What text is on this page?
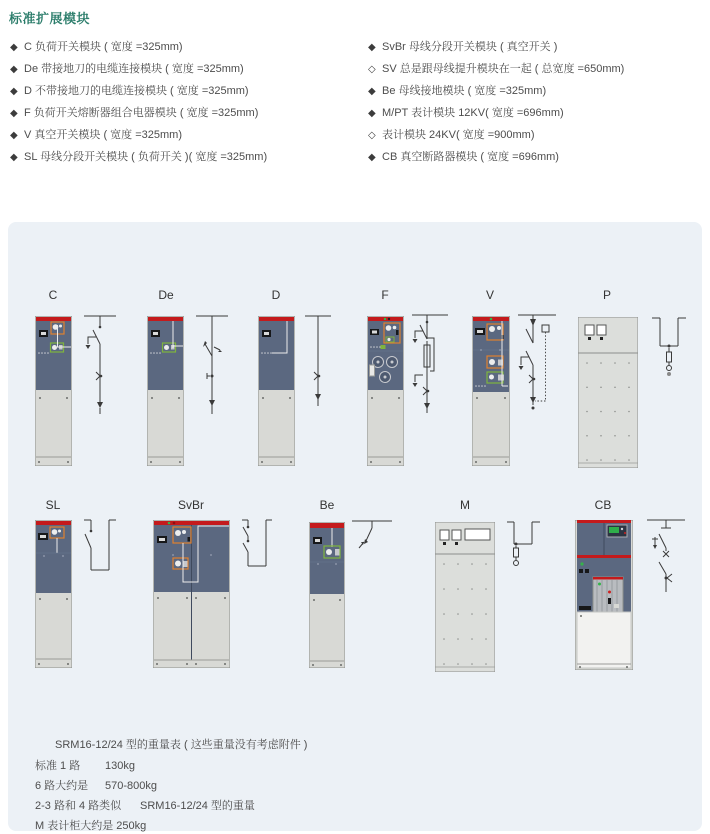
标准扩展模块
◆ C 负荷开关模块 ( 宽度 =325mm)
◆ De 带接地刀的电缆连接模块 ( 宽度 =325mm)
◆ D 不带接地刀的电缆连接模块 ( 宽度 =325mm)
◆ F 负荷开关熔断器组合电器模块 ( 宽度 =325mm)
◆ V 真空开关模块 ( 宽度 =325mm)
◆ SL 母线分段开关模块 ( 负荷开关 )( 宽度 =325mm)
◆ SvBr 母线分段开关模块 ( 真空开关 )
◇ SV 总是跟母线提升模块在一起 ( 总宽度 =650mm)
◆ Be 母线接地模块 ( 宽度 =325mm)
◆ M/PT 表计模块 12KV( 宽度 =696mm)
◇ 表计模块 24KV( 宽度 =900mm)
◆ CB 真空断路器模块 ( 宽度 =696mm)
C	De	D	F	V	P
SL	SvBr	Be	M	CB
SRM16-12/24 型的重量表 ( 这些重量没有考虑附件 )
标准 1 路 130kg
6 路大约是 570-800kg
2-3 路和 4 路类似 SRM16-12/24 型的重量
M 表计柜大约是 250kg
